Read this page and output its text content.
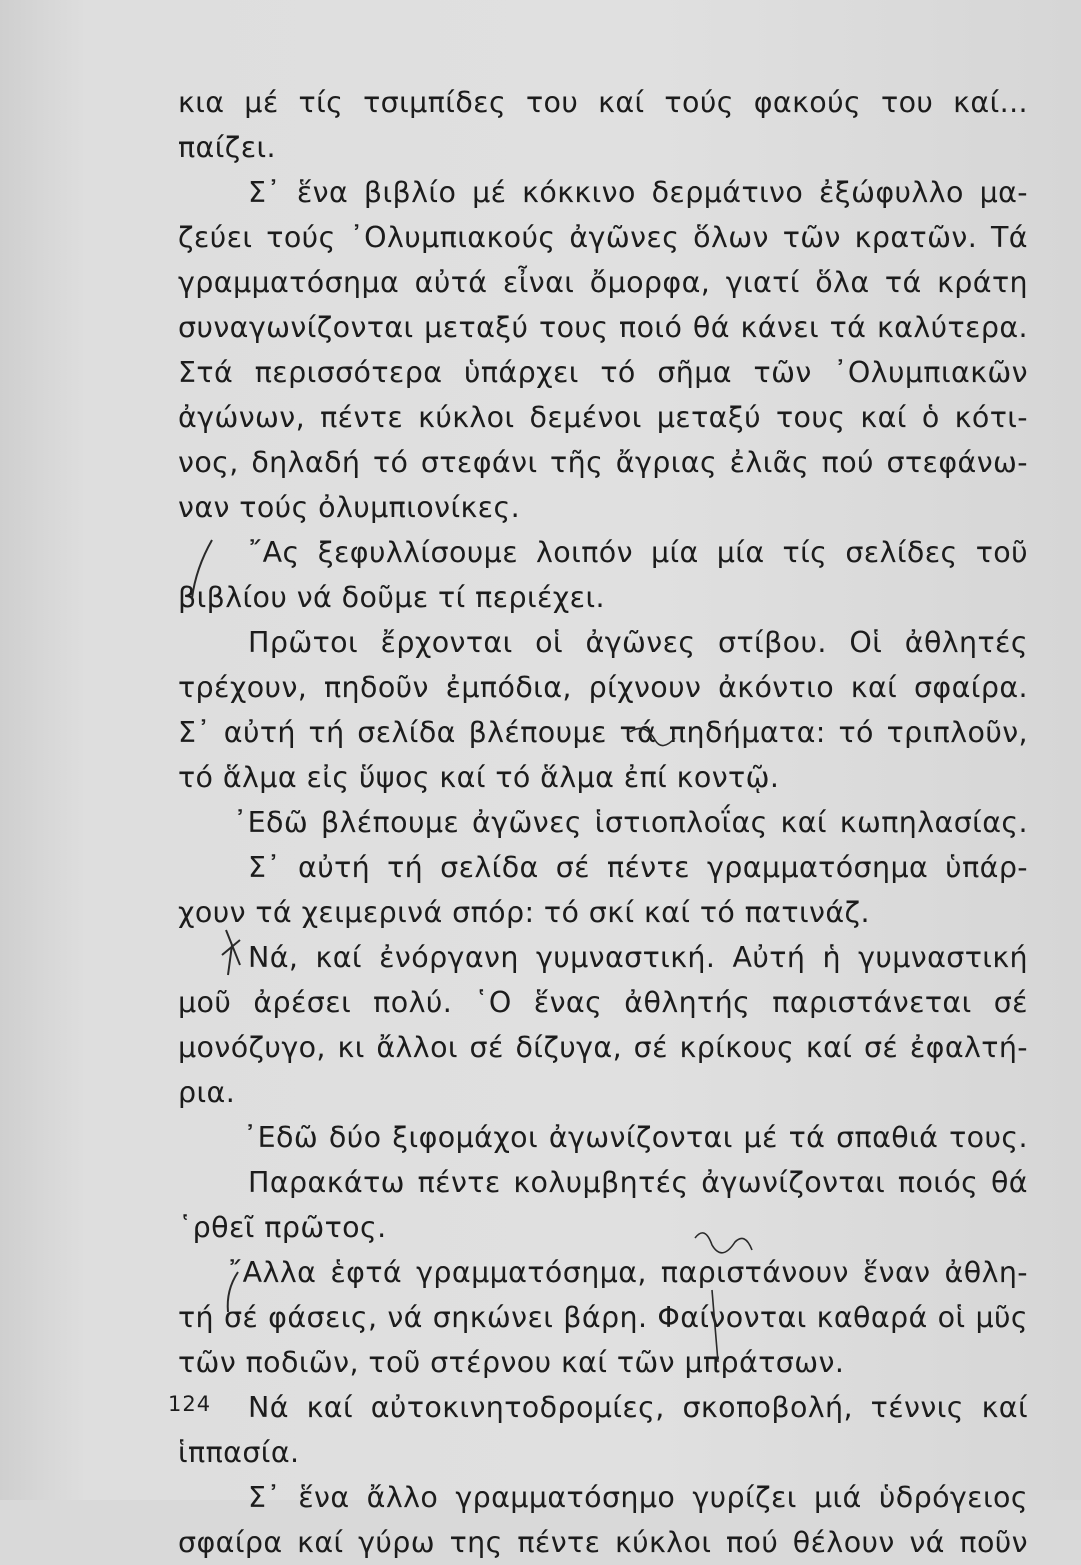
κια μέ τίς τσιμπίδες του καί τούς φακούς του καί...
παίζει.
Σ᾽ ἕνα βιβλίο μέ κόκκινο δερμάτινο ἐξώφυλλο μα-
ζεύει τούς ᾽Ολυμπιακούς ἀγῶνες ὅλων τῶν κρατῶν. Τά
γραμματόσημα αὐτά εἶναι ὄμορφα, γιατί ὅλα τά κράτη
συναγωνίζονται μεταξύ τους ποιό θά κάνει τά καλύτερα.
Στά περισσότερα ὑπάρχει τό σῆμα τῶν ᾽Ολυμπιακῶν
ἀγώνων, πέντε κύκλοι δεμένοι μεταξύ τους καί ὁ κότι-
νος, δηλαδή τό στεφάνι τῆς ἄγριας ἐλιᾶς πού στεφάνω-
ναν τούς ὀλυμπιονίκες.
῎Ας ξεφυλλίσουμε λοιπόν μία μία τίς σελίδες τοῦ
βιβλίου νά δοῦμε τί περιέχει.
Πρῶτοι ἔρχονται οἱ ἀγῶνες στίβου. Οἱ ἀθλητές
τρέχουν, πηδοῦν ἐμπόδια, ρίχνουν ἀκόντιο καί σφαίρα.
Σ᾽ αὐτή τή σελίδα βλέπουμε τά πηδήματα: τό τριπλοῦν,
τό ἅλμα εἰς ὕψος καί τό ἅλμα ἐπί κοντῷ.
᾽Εδῶ βλέπουμε ἀγῶνες ἱστιοπλοΐας καί κωπηλασίας.
Σ᾽ αὐτή τή σελίδα σέ πέντε γραμματόσημα ὑπάρ-
χουν τά χειμερινά σπόρ: τό σκί καί τό πατινάζ.
Νά, καί ἐνόργανη γυμναστική. Αὐτή ἡ γυμναστική
μοῦ ἀρέσει πολύ. ῾Ο ἕνας ἀθλητής παριστάνεται σέ
μονόζυγο, κι ἄλλοι σέ δίζυγα, σέ κρίκους καί σέ ἐφαλτή-
ρια.
᾽Εδῶ δύο ξιφομάχοι ἀγωνίζονται μέ τά σπαθιά τους.
Παρακάτω πέντε κολυμβητές ἀγωνίζονται ποιός θά
῾ρθεῖ πρῶτος.
῎Αλλα ἑφτά γραμματόσημα, παριστάνουν ἕναν ἀθλη-
τή σέ φάσεις, νά σηκώνει βάρη. Φαίνονται καθαρά οἱ μῦς
τῶν ποδιῶν, τοῦ στέρνου καί τῶν μπράτσων.
Νά καί αὐτοκινητοδρομίες, σκοποβολή, τέννις καί
ἱππασία.
Σ᾽ ἕνα ἄλλο γραμματόσημο γυρίζει μιά ὑδρόγειος
σφαίρα καί γύρω της πέντε κύκλοι πού θέλουν νά ποῦν
124
